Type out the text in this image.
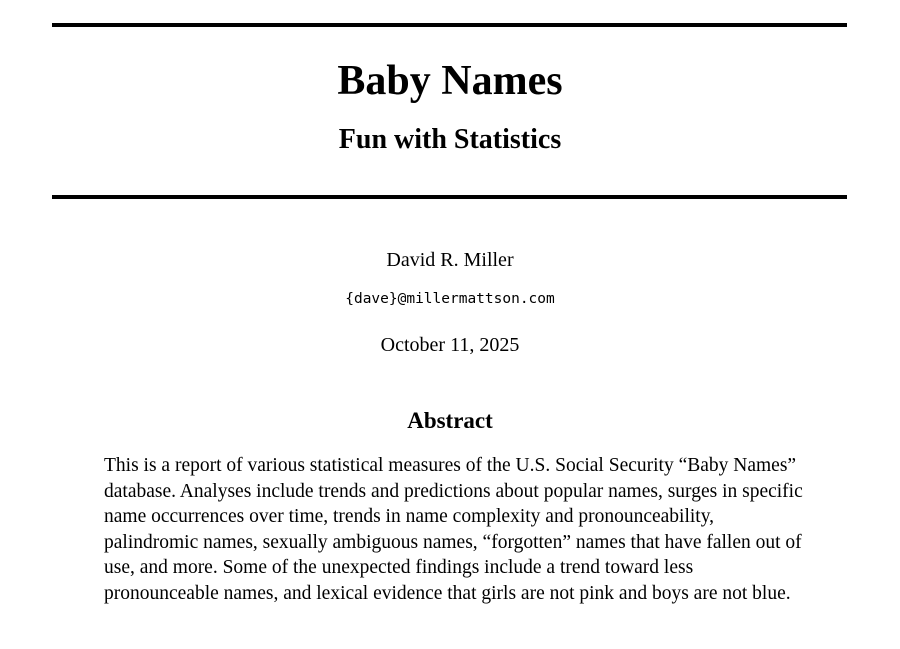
Baby Names
Fun with Statistics
David R. Miller
{dave}@millermattson.com
October 11, 2025
Abstract

This is a report of various statistical measures of the U.S. Social Security “Baby Names” database. Analyses include trends and predictions about popular names, surges in specific name occurrences over time, trends in name complexity and pronounceability, palindromic names, sexually ambiguous names, “forgotten” names that have fallen out of use, and more. Some of the unexpected findings include a trend toward less pronounceable names, and lexical evidence that girls are not pink and boys are not blue.
